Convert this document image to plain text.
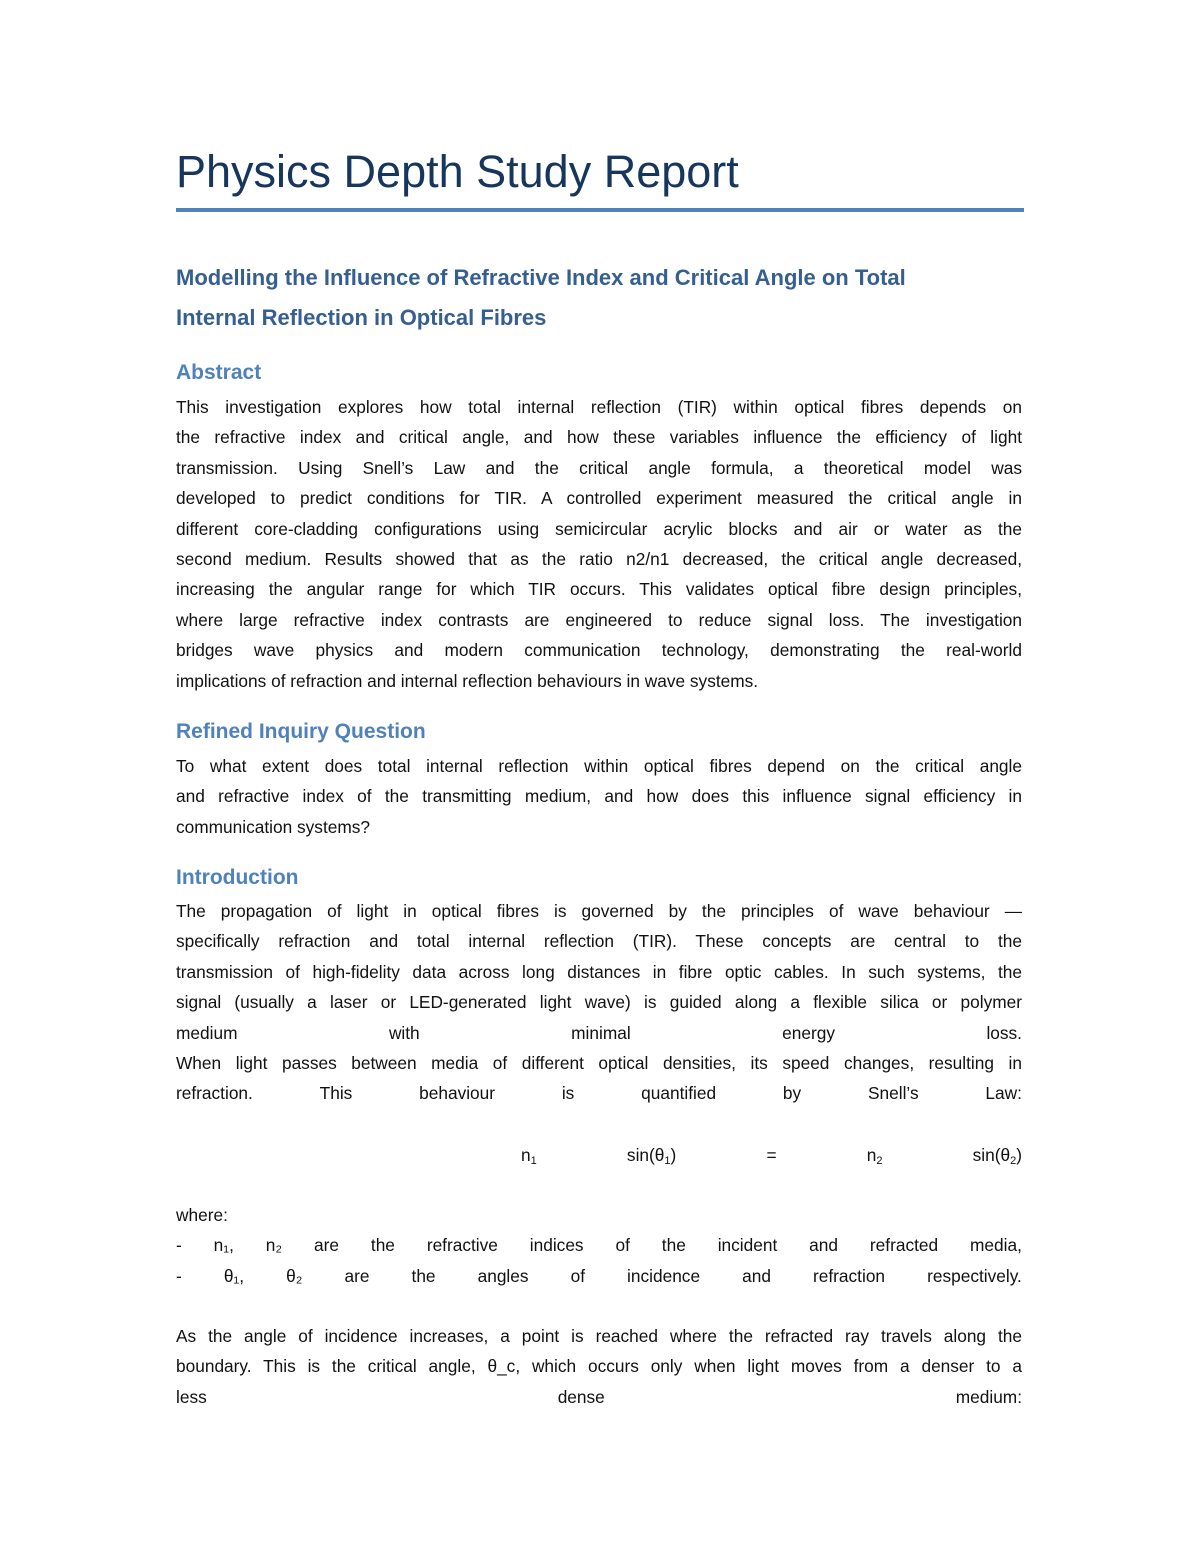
Physics Depth Study Report

Modelling the Influence of Refractive Index and Critical Angle on Total
Internal Reflection in Optical Fibres

Abstract
This investigation explores how total internal reflection (TIR) within optical fibres depends on
the refractive index and critical angle, and how these variables influence the efficiency of light
transmission. Using Snell’s Law and the critical angle formula, a theoretical model was
developed to predict conditions for TIR. A controlled experiment measured the critical angle in
different core-cladding configurations using semicircular acrylic blocks and air or water as the
second medium. Results showed that as the ratio n2/n1 decreased, the critical angle decreased,
increasing the angular range for which TIR occurs. This validates optical fibre design principles,
where large refractive index contrasts are engineered to reduce signal loss. The investigation
bridges wave physics and modern communication technology, demonstrating the real-world
implications of refraction and internal reflection behaviours in wave systems.
Refined Inquiry Question
To what extent does total internal reflection within optical fibres depend on the critical angle
and refractive index of the transmitting medium, and how does this influence signal efficiency in
communication systems?
Introduction
The propagation of light in optical fibres is governed by the principles of wave behaviour —
specifically refraction and total internal reflection (TIR). These concepts are central to the
transmission of high-fidelity data across long distances in fibre optic cables. In such systems, the
signal (usually a laser or LED-generated light wave) is guided along a flexible silica or polymer
medium	with	minimal	energy	loss.
When light passes between media of different optical densities, its speed changes, resulting in
refraction.	This	behaviour	is	quantified	by	Snell’s	Law:
$n_1$	$\sin(\theta_1)$	=	$n_2$	$\sin(\theta_2)$

where:

- n₁, n₂ are the refractive indices of the incident and refracted media,
- θ₁, θ₂ are the angles of incidence and refraction respectively.
As the angle of incidence increases, a point is reached where the refracted ray travels along the
boundary. This is the critical angle, θ_c, which occurs only when light moves from a denser to a
less	dense	medium:
